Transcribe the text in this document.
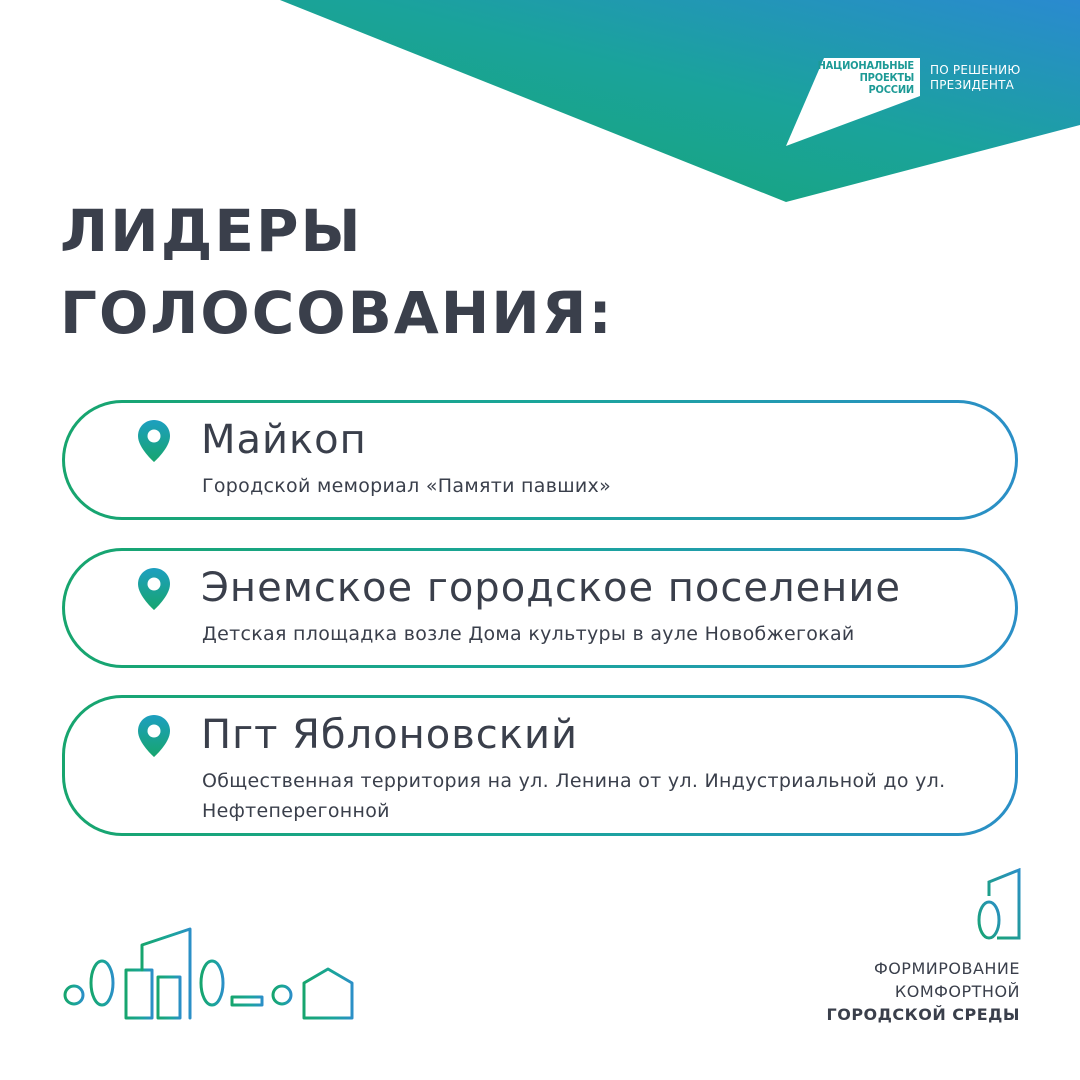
НАЦИОНАЛЬНЫЕ
ПРОЕКТЫ
РОССИИ
ПО РЕШЕНИЮ
ПРЕЗИДЕНТА
ЛИДЕРЫ
ГОЛОСОВАНИЯ:
Майкоп
Городской мемориал «Памяти павших»
Энемское городское поселение
Детская площадка возле Дома культуры в ауле Новобжегокай
Пгт Яблоновский
Общественная территория на ул. Ленина от ул. Индустриальной до ул. Нефтеперегонной
ФОРМИРОВАНИЕ
КОМФОРТНОЙ
ГОРОДСКОЙ СРЕДЫ
